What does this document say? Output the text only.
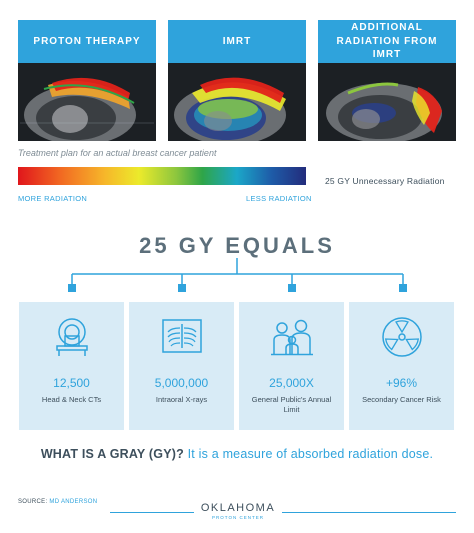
PROTON THERAPY	IMRT
ADDITIONAL RADIATION FROM IMRT
Treatment plan for an actual breast cancer patient
MORE RADIATION	LESS RADIATION
25 GY Unnecessary Radiation
25 GY EQUALS
12,500
Head & Neck CTs
5,000,000
Intraoral X-rays
25,000X
General Public's Annual Limit
+96%
Secondary Cancer Risk
WHAT IS A GRAY (GY)? It is a measure of absorbed radiation dose.
SOURCE: MD ANDERSON	OKLAHOMA
PROTON CENTER
